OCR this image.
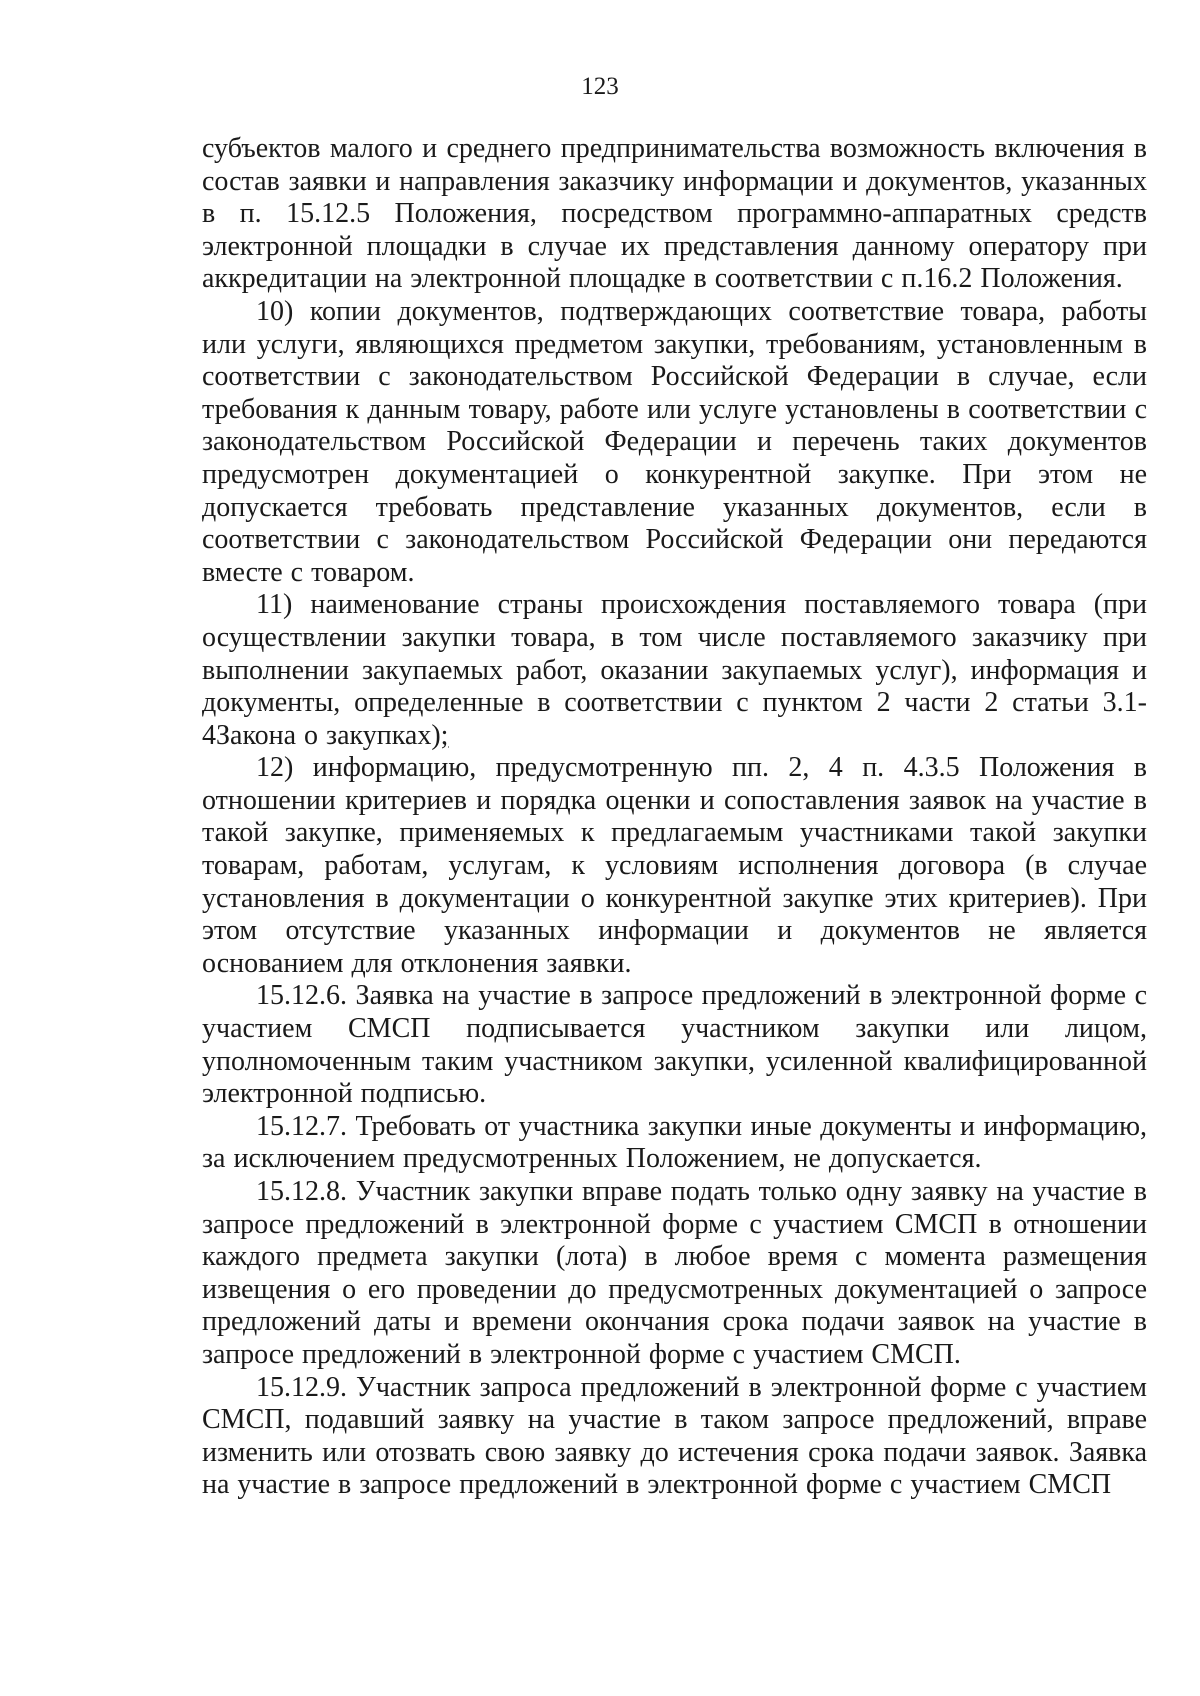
123

субъектов малого и среднего предпринимательства возможность включения в состав заявки и направления заказчику информации и документов, указанных в п. 15.12.5 Положения, посредством программно-аппаратных средств электронной площадки в случае их представления данному оператору при аккредитации на электронной площадке в соответствии с п.16.2 Положения.

10) копии документов, подтверждающих соответствие товара, работы или услуги, являющихся предметом закупки, требованиям, установленным в соответствии с законодательством Российской Федерации в случае, если требования к данным товару, работе или услуге установлены в соответствии с законодательством Российской Федерации и перечень таких документов предусмотрен документацией о конкурентной закупке. При этом не допускается требовать представление указанных документов, если в соответствии с законодательством Российской Федерации они передаются вместе с товаром.

11) наименование страны происхождения поставляемого товара (при осуществлении закупки товара, в том числе поставляемого заказчику при выполнении закупаемых работ, оказании закупаемых услуг), информация и документы, определенные в соответствии с пунктом 2 части 2 статьи 3.1-4Закона о закупках);

12) информацию, предусмотренную пп. 2, 4 п. 4.3.5 Положения в отношении критериев и порядка оценки и сопоставления заявок на участие в такой закупке, применяемых к предлагаемым участниками такой закупки товарам, работам, услугам, к условиям исполнения договора (в случае установления в документации о конкурентной закупке этих критериев). При этом отсутствие указанных информации и документов не является основанием для отклонения заявки.

15.12.6. Заявка на участие в запросе предложений в электронной форме с участием СМСП подписывается участником закупки или лицом, уполномоченным таким участником закупки, усиленной квалифицированной электронной подписью.

15.12.7. Требовать от участника закупки иные документы и информацию, за исключением предусмотренных Положением, не допускается.

15.12.8. Участник закупки вправе подать только одну заявку на участие в запросе предложений в электронной форме с участием СМСП в отношении каждого предмета закупки (лота) в любое время с момента размещения извещения о его проведении до предусмотренных документацией о запросе предложений даты и времени окончания срока подачи заявок на участие в запросе предложений в электронной форме с участием СМСП.

15.12.9. Участник запроса предложений в электронной форме с участием СМСП, подавший заявку на участие в таком запросе предложений, вправе изменить или отозвать свою заявку до истечения срока подачи заявок. Заявка на участие в запросе предложений в электронной форме с участием СМСП
